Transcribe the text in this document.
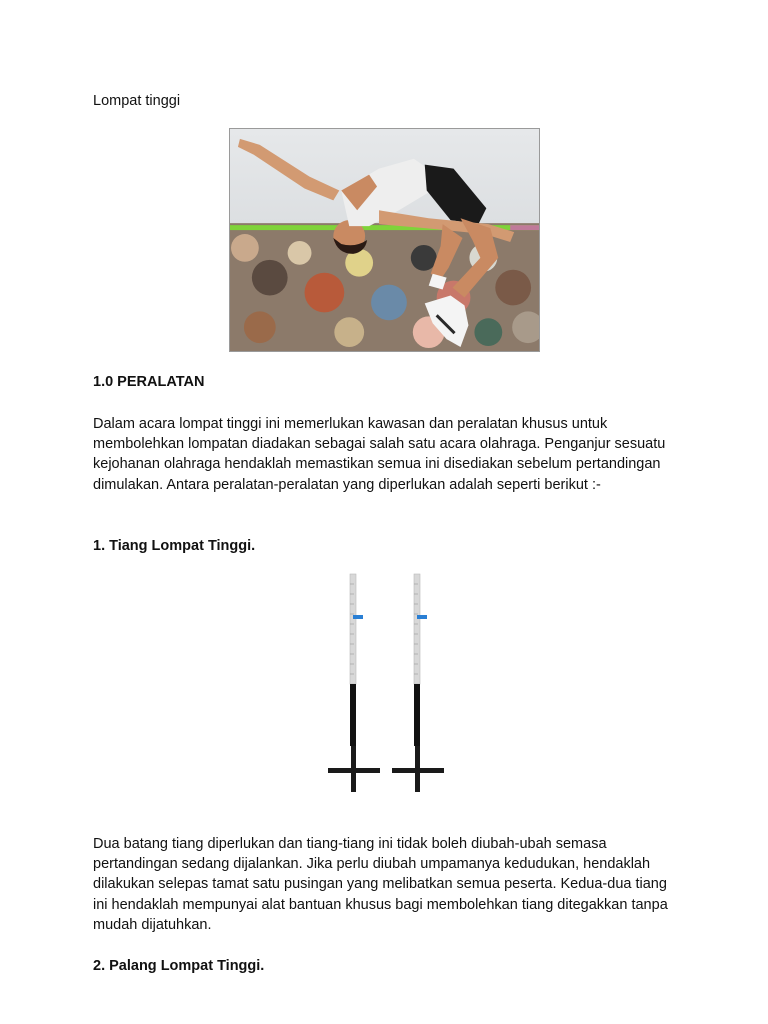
Lompat tinggi
1.0 PERALATAN

Dalam acara lompat tinggi ini memerlukan kawasan dan peralatan khusus untuk membolehkan lompatan diadakan sebagai salah satu acara olahraga. Penganjur sesuatu kejohanan olahraga hendaklah memastikan semua ini disediakan sebelum pertandingan dimulakan. Antara peralatan-peralatan yang diperlukan adalah seperti berikut :-

1. Tiang Lompat Tinggi.

Dua batang tiang diperlukan dan tiang-tiang ini tidak boleh diubah-ubah semasa pertandingan sedang dijalankan. Jika perlu diubah umpamanya kedudukan, hendaklah dilakukan selepas tamat satu pusingan yang melibatkan semua peserta. Kedua-dua tiang ini hendaklah mempunyai alat bantuan khusus bagi membolehkan tiang ditegakkan tanpa mudah dijatuhkan.

2. Palang Lompat Tinggi.
